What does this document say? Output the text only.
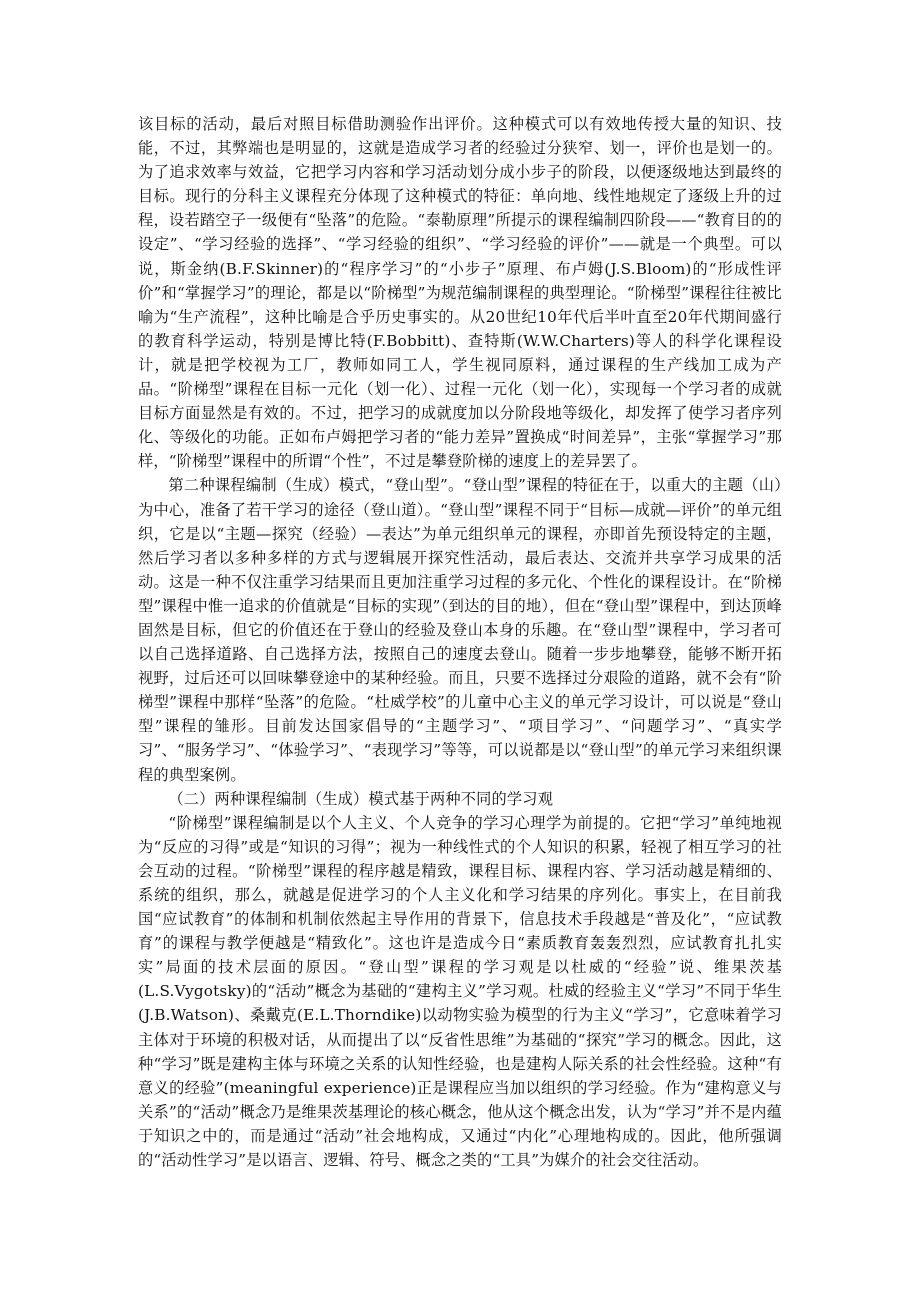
该目标的活动，最后对照目标借助测验作出评价。这种模式可以有效地传授大量的知识、技能，不过，其弊端也是明显的，这就是造成学习者的经验过分狭窄、划一，评价也是划一的。为了追求效率与效益，它把学习内容和学习活动划分成小步子的阶段，以便逐级地达到最终的目标。现行的分科主义课程充分体现了这种模式的特征：单向地、线性地规定了逐级上升的过程，设若踏空子一级便有“坠落”的危险。“泰勒原理”所提示的课程编制四阶段——“教育目的的设定”、“学习经验的选择”、“学习经验的组织”、“学习经验的评价”——就是一个典型。可以说，斯金纳(B.F.Skinner)的“程序学习”的“小步子”原理、布卢姆(J.S.Bloom)的“形成性评价”和“掌握学习”的理论，都是以“阶梯型”为规范编制课程的典型理论。“阶梯型”课程往往被比喻为“生产流程”，这种比喻是合乎历史事实的。从20世纪10年代后半叶直至20年代期间盛行的教育科学运动，特别是博比特(F.Bobbitt)、查特斯(W.W.Charters)等人的科学化课程设计，就是把学校视为工厂，教师如同工人，学生视同原料，通过课程的生产线加工成为产品。“阶梯型”课程在目标一元化（划一化）、过程一元化（划一化），实现每一个学习者的成就目标方面显然是有效的。不过，把学习的成就度加以分阶段地等级化，却发挥了使学习者序列化、等级化的功能。正如布卢姆把学习者的“能力差异”置换成“时间差异”，主张“掌握学习”那样，“阶梯型”课程中的所谓“个性”，不过是攀登阶梯的速度上的差异罢了。

第二种课程编制（生成）模式，“登山型”。“登山型”课程的特征在于，以重大的主题（山）为中心，准备了若干学习的途径（登山道）。“登山型”课程不同于“目标—成就—评价”的单元组织，它是以“主题—探究（经验）—表达”为单元组织单元的课程，亦即首先预设特定的主题，然后学习者以多种多样的方式与逻辑展开探究性活动，最后表达、交流并共享学习成果的活动。这是一种不仅注重学习结果而且更加注重学习过程的多元化、个性化的课程设计。在“阶梯型”课程中惟一追求的价值就是“目标的实现”（到达的目的地），但在“登山型”课程中，到达顶峰固然是目标，但它的价值还在于登山的经验及登山本身的乐趣。在“登山型”课程中，学习者可以自己选择道路、自己选择方法，按照自己的速度去登山。随着一步步地攀登，能够不断开拓视野，过后还可以回味攀登途中的某种经验。而且，只要不选择过分艰险的道路，就不会有“阶梯型”课程中那样“坠落”的危险。“杜威学校”的儿童中心主义的单元学习设计，可以说是“登山型”课程的雏形。目前发达国家倡导的“主题学习”、“项目学习”、“问题学习”、“真实学习”、“服务学习”、“体验学习”、“表现学习”等等，可以说都是以“登山型”的单元学习来组织课程的典型案例。

（二）两种课程编制（生成）模式基于两种不同的学习观

“阶梯型”课程编制是以个人主义、个人竞争的学习心理学为前提的。它把“学习”单纯地视为“反应的习得”或是“知识的习得”；视为一种线性式的个人知识的积累，轻视了相互学习的社会互动的过程。“阶梯型”课程的程序越是精致，课程目标、课程内容、学习活动越是精细的、系统的组织，那么，就越是促进学习的个人主义化和学习结果的序列化。事实上，在目前我国“应试教育”的体制和机制依然起主导作用的背景下，信息技术手段越是“普及化”，“应试教育”的课程与教学便越是“精致化”。这也许是造成今日“素质教育轰轰烈烈，应试教育扎扎实实”局面的技术层面的原因。“登山型”课程的学习观是以杜威的“经验”说、维果茨基(L.S.Vygotsky)的“活动”概念为基础的“建构主义”学习观。杜威的经验主义“学习”不同于华生(J.B.Watson)、桑戴克(E.L.Thorndike)以动物实验为模型的行为主义“学习”，它意味着学习主体对于环境的积极对话，从而提出了以“反省性思维”为基础的“探究”学习的概念。因此，这种“学习”既是建构主体与环境之关系的认知性经验，也是建构人际关系的社会性经验。这种“有意义的经验”(meaningful experience)正是课程应当加以组织的学习经验。作为“建构意义与关系”的“活动”概念乃是维果茨基理论的核心概念，他从这个概念出发，认为“学习”并不是内蕴于知识之中的，而是通过“活动”社会地构成，又通过“内化”心理地构成的。因此，他所强调的“活动性学习”是以语言、逻辑、符号、概念之类的“工具”为媒介的社会交往活动。
